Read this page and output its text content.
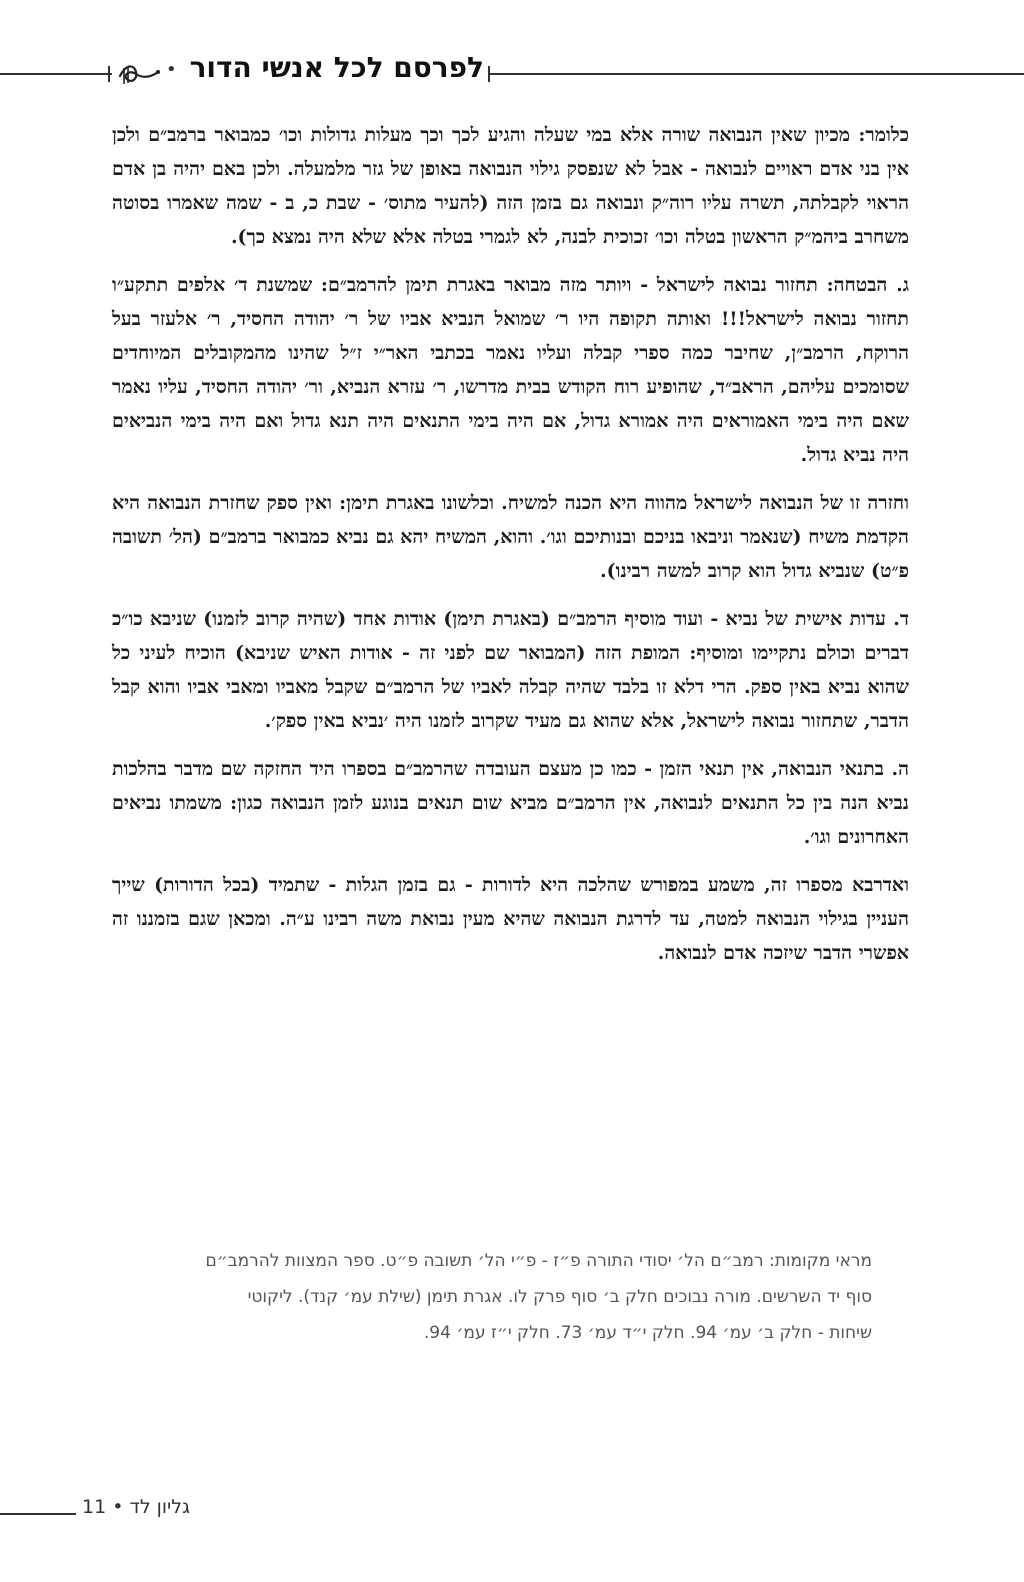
• לפרסם לכל אנשי הדור

כלומר: מכיון שאין הנבואה שורה אלא במי שעלה והגיע לכך וכך מעלות גדולות וכו׳ כמבואר ברמב״ם ולכן אין בני אדם ראויים לנבואה - אבל לא שנפסק גילוי הנבואה באופן של גזר מלמעלה. ולכן באם יהיה בן אדם הראוי לקבלתה, תשרה עליו רוה״ק ונבואה גם בזמן הזה (להעיר מתוס׳ - שבת כ, ב - שמה שאמרו בסוטה משחרב ביהמ״ק הראשון בטלה וכו׳ זכוכית לבנה, לא לגמרי בטלה אלא שלא היה נמצא כך).

ג. הבטחה: תחזור נבואה לישראל - ויותר מזה מבואר באגרת תימן להרמב״ם: שמשנת ד׳ אלפים תתקע״ו תחזור נבואה לישראל!!! ואותה תקופה היו ר׳ שמואל הנביא אביו של ר׳ יהודה החסיד, ר׳ אלעזר בעל הרוקח, הרמב״ן, שחיבר כמה ספרי קבלה ועליו נאמר בכתבי האר״י ז״ל שהינו מהמקובלים המיוחדים שסומכים עליהם, הראב״ד, שהופיע רוח הקודש בבית מדרשו, ר׳ עזרא הנביא, ור׳ יהודה החסיד, עליו נאמר שאם היה בימי האמוראים היה אמורא גדול, אם היה בימי התנאים היה תנא גדול ואם היה בימי הנביאים היה נביא גדול.

וחזרה זו של הנבואה לישראל מהווה היא הכנה למשיח. וכלשונו באגרת תימן: ואין ספק שחזרת הנבואה היא הקדמת משיח (שנאמר וניבאו בניכם ובנותיכם וגו׳. והוא, המשיח יהא גם נביא כמבואר ברמב״ם (הל׳ תשובה פ״ט) שנביא גדול הוא קרוב למשה רבינו).

ד. עדות אישית של נביא - ועוד מוסיף הרמב״ם (באגרת תימן) אודות אחד (שהיה קרוב לזמנו) שניבא כו״כ דברים וכולם נתקיימו ומוסיף: המופת הזה (המבואר שם לפני זה - אודות האיש שניבא) הוכיח לעיני כל שהוא נביא באין ספק. הרי דלא זו בלבד שהיה קבלה לאביו של הרמב״ם שקבל מאביו ומאבי אביו והוא קבל הדבר, שתחזור נבואה לישראל, אלא שהוא גם מעיד שקרוב לזמנו היה ׳נביא באין ספק׳.

ה. בתנאי הנבואה, אין תנאי הזמן - כמו כן מעצם העובדה שהרמב״ם בספרו היד החזקה שם מדבר בהלכות נביא הנה בין כל התנאים לנבואה, אין הרמב״ם מביא שום תנאים בנוגע לזמן הנבואה כגון: משמתו נביאים האחרונים וגו׳.

ואדרבא מספרו זה, משמע במפורש שהלכה היא לדורות - גם בזמן הגלות - שתמיד (בכל הדורות) שייך העניין בגילוי הנבואה למטה, עד לדרגת הנבואה שהיא מעין נבואת משה רבינו ע״ה. ומכאן שגם בזמננו זה אפשרי הדבר שיזכה אדם לנבואה.

מראי מקומות: רמב״ם הל׳ יסודי התורה פ״ז - פ״י הל׳ תשובה פ״ט. ספר המצוות להרמב״ם
סוף יד השרשים. מורה נבוכים חלק ב׳ סוף פרק לו. אגרת תימן (שילת עמ׳ קנד). ליקוטי
שיחות - חלק ב׳ עמ׳ 94. חלק י״ד עמ׳ 73. חלק י״ז עמ׳ 94.
גליון לד • 11
